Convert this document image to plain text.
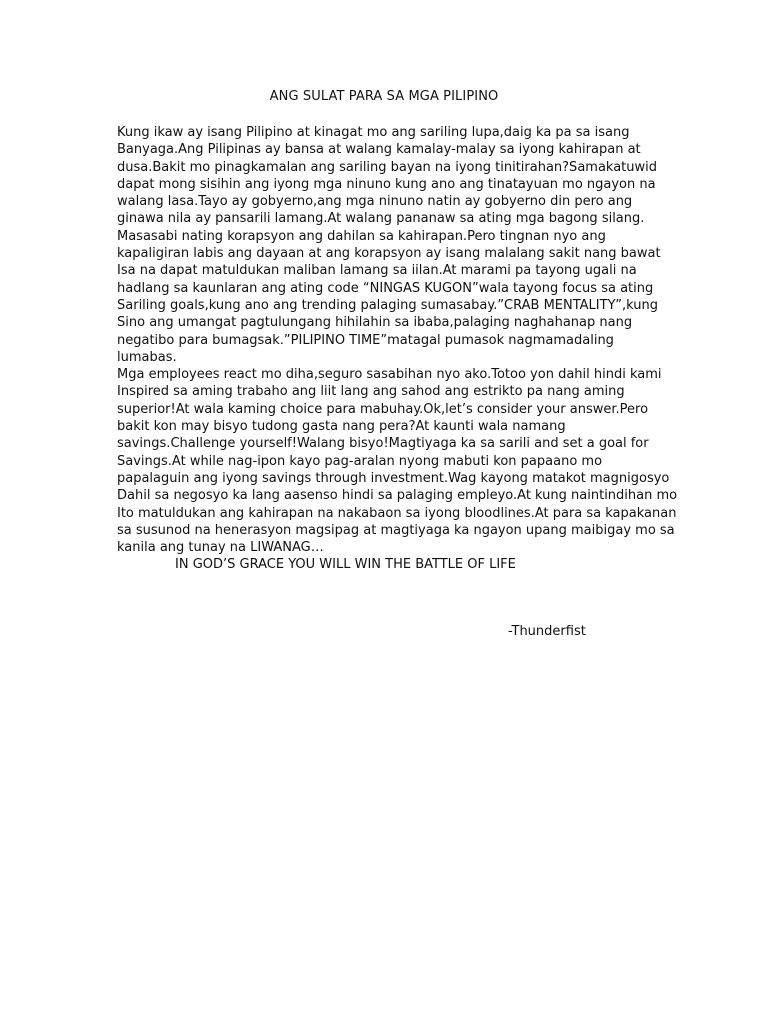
ANG SULAT PARA SA MGA PILIPINO
Kung ikaw ay isang Pilipino at kinagat mo ang sariling lupa,daig ka pa sa isang
Banyaga.Ang Pilipinas ay bansa at walang kamalay-malay sa iyong kahirapan at
dusa.Bakit mo pinagkamalan ang sariling bayan na iyong tinitirahan?Samakatuwid
dapat mong sisihin ang iyong mga ninuno kung ano ang tinatayuan mo ngayon na
walang lasa.Tayo ay gobyerno,ang mga ninuno natin ay gobyerno din pero ang
ginawa nila ay pansarili lamang.At walang pananaw sa ating mga bagong silang.
Masasabi nating korapsyon ang dahilan sa kahirapan.Pero tingnan nyo ang
kapaligiran labis ang dayaan at ang korapsyon ay isang malalang sakit nang bawat
Isa na dapat matuldukan maliban lamang sa iilan.At marami pa tayong ugali na
hadlang sa kaunlaran ang ating code “NINGAS KUGON”wala tayong focus sa ating
Sariling goals,kung ano ang trending palaging sumasabay.”CRAB MENTALITY”,kung
Sino ang umangat pagtulungang hihilahin sa ibaba,palaging naghahanap nang
negatibo para bumagsak.”PILIPINO TIME”matagal pumasok nagmamadaling
lumabas.
Mga employees react mo diha,seguro sasabihan nyo ako.Totoo yon dahil hindi kami
Inspired sa aming trabaho ang liit lang ang sahod ang estrikto pa nang aming
superior!At wala kaming choice para mabuhay.Ok,let’s consider your answer.Pero
bakit kon may bisyo tudong gasta nang pera?At kaunti wala namang
savings.Challenge yourself!Walang bisyo!Magtiyaga ka sa sarili and set a goal for
Savings.At while nag-ipon kayo pag-aralan nyong mabuti kon papaano mo
papalaguin ang iyong savings through investment.Wag kayong matakot magnigosyo
Dahil sa negosyo ka lang aasenso hindi sa palaging empleyo.At kung naintindihan mo
Ito matuldukan ang kahirapan na nakabaon sa iyong bloodlines.At para sa kapakanan
sa susunod na henerasyon magsipag at magtiyaga ka ngayon upang maibigay mo sa
kanila ang tunay na LIWANAG…
IN GOD’S GRACE YOU WILL WIN THE BATTLE OF LIFE
-Thunderfist
